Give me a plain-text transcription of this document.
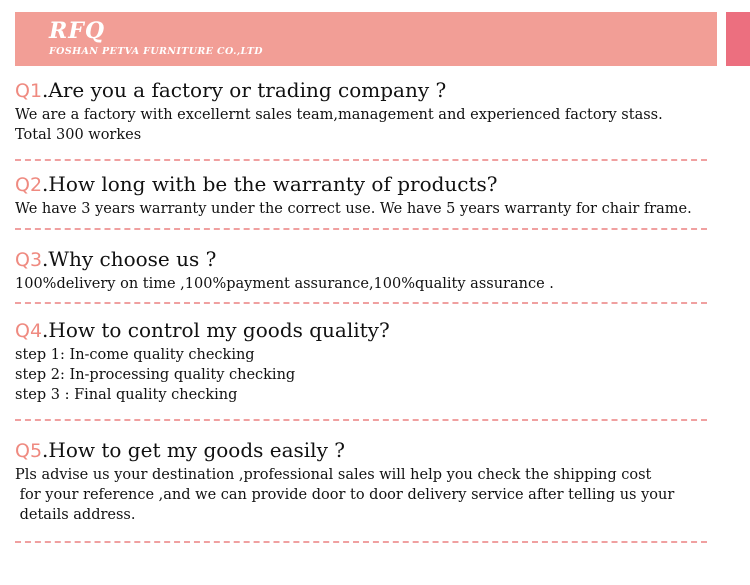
RFQ
FOSHAN PETVA FURNITURE CO.,LTD

Q1.Are you a factory or trading company ?

We are a factory with excellernt sales team,management and experienced factory stass.

Total 300 workes

Q2.How long with be the warranty of products?

We have 3 years warranty under the correct use. We have 5 years warranty for chair frame.

Q3.Why choose us ?

100%delivery on time ,100%payment assurance,100%quality assurance .

Q4.How to control my goods quality?

step 1: In-come quality checking

step 2: In-processing quality checking

step 3 : Final quality checking

Q5.How to get my goods easily ?

Pls advise us your destination ,professional sales will help you check the shipping cost

for your reference ,and we can provide door to door delivery service after telling us your

details address.
